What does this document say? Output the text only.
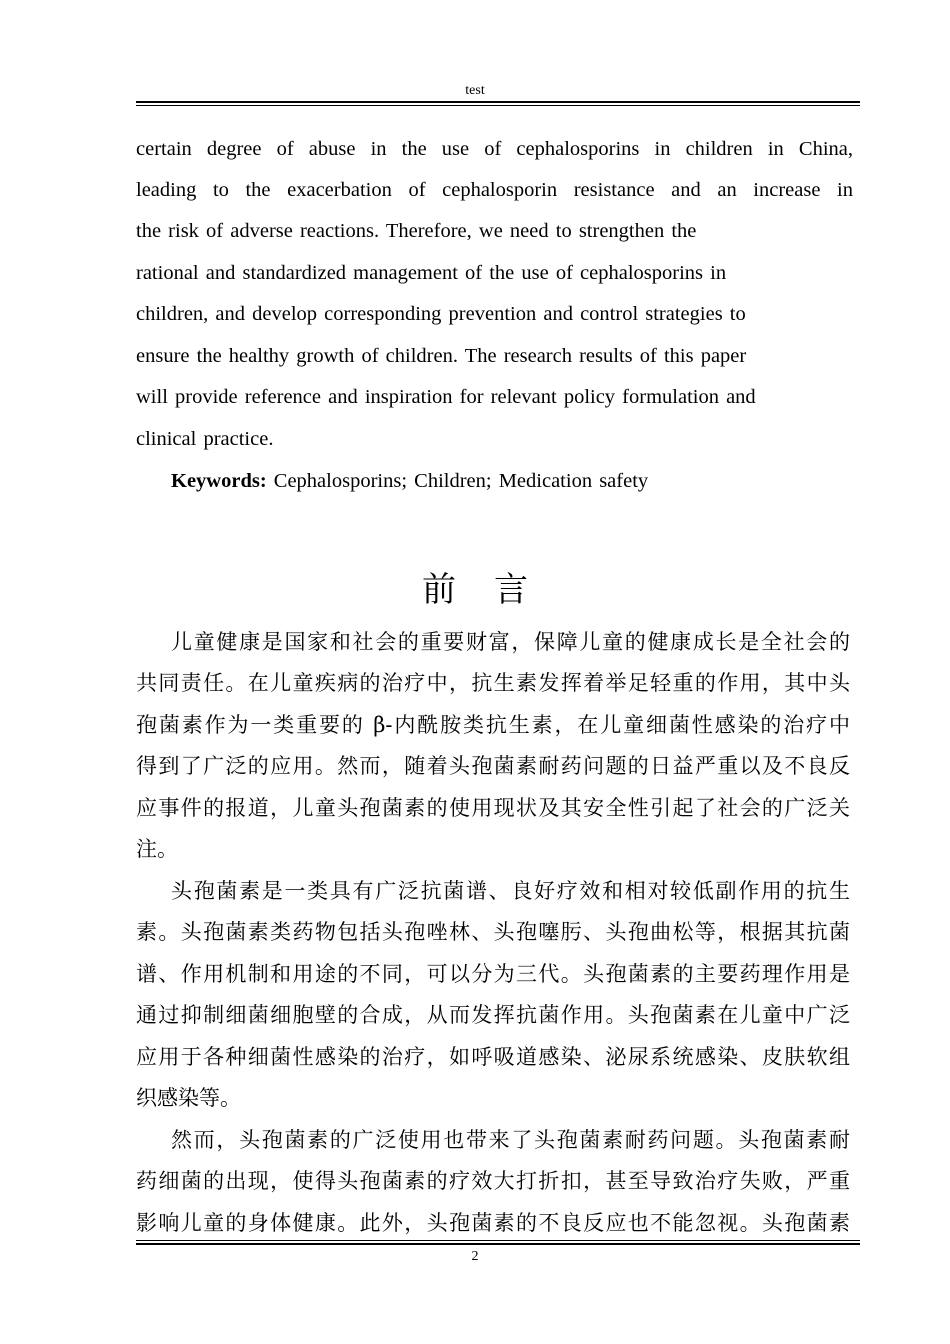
test
certain degree of abuse in the use of cephalosporins in children in China,
leading to the exacerbation of cephalosporin resistance and an increase in
the risk of adverse reactions. Therefore, we need to strengthen the
rational and standardized management of the use of cephalosporins in
children, and develop corresponding prevention and control strategies to
ensure the healthy growth of children. The research results of this paper
will provide reference and inspiration for relevant policy formulation and
clinical practice.
Keywords: Cephalosporins; Children; Medication safety
前言
儿童健康是国家和社会的重要财富，保障儿童的健康成长是全社会的
共同责任。在儿童疾病的治疗中，抗生素发挥着举足轻重的作用，其中头
孢菌素作为一类重要的 β-内酰胺类抗生素，在儿童细菌性感染的治疗中
得到了广泛的应用。然而，随着头孢菌素耐药问题的日益严重以及不良反
应事件的报道，儿童头孢菌素的使用现状及其安全性引起了社会的广泛关
注。
头孢菌素是一类具有广泛抗菌谱、良好疗效和相对较低副作用的抗生
素。头孢菌素类药物包括头孢唑林、头孢噻肟、头孢曲松等，根据其抗菌
谱、作用机制和用途的不同，可以分为三代。头孢菌素的主要药理作用是
通过抑制细菌细胞壁的合成，从而发挥抗菌作用。头孢菌素在儿童中广泛
应用于各种细菌性感染的治疗，如呼吸道感染、泌尿系统感染、皮肤软组
织感染等。
然而，头孢菌素的广泛使用也带来了头孢菌素耐药问题。头孢菌素耐
药细菌的出现，使得头孢菌素的疗效大打折扣，甚至导致治疗失败，严重
影响儿童的身体健康。此外，头孢菌素的不良反应也不能忽视。头孢菌素
2
